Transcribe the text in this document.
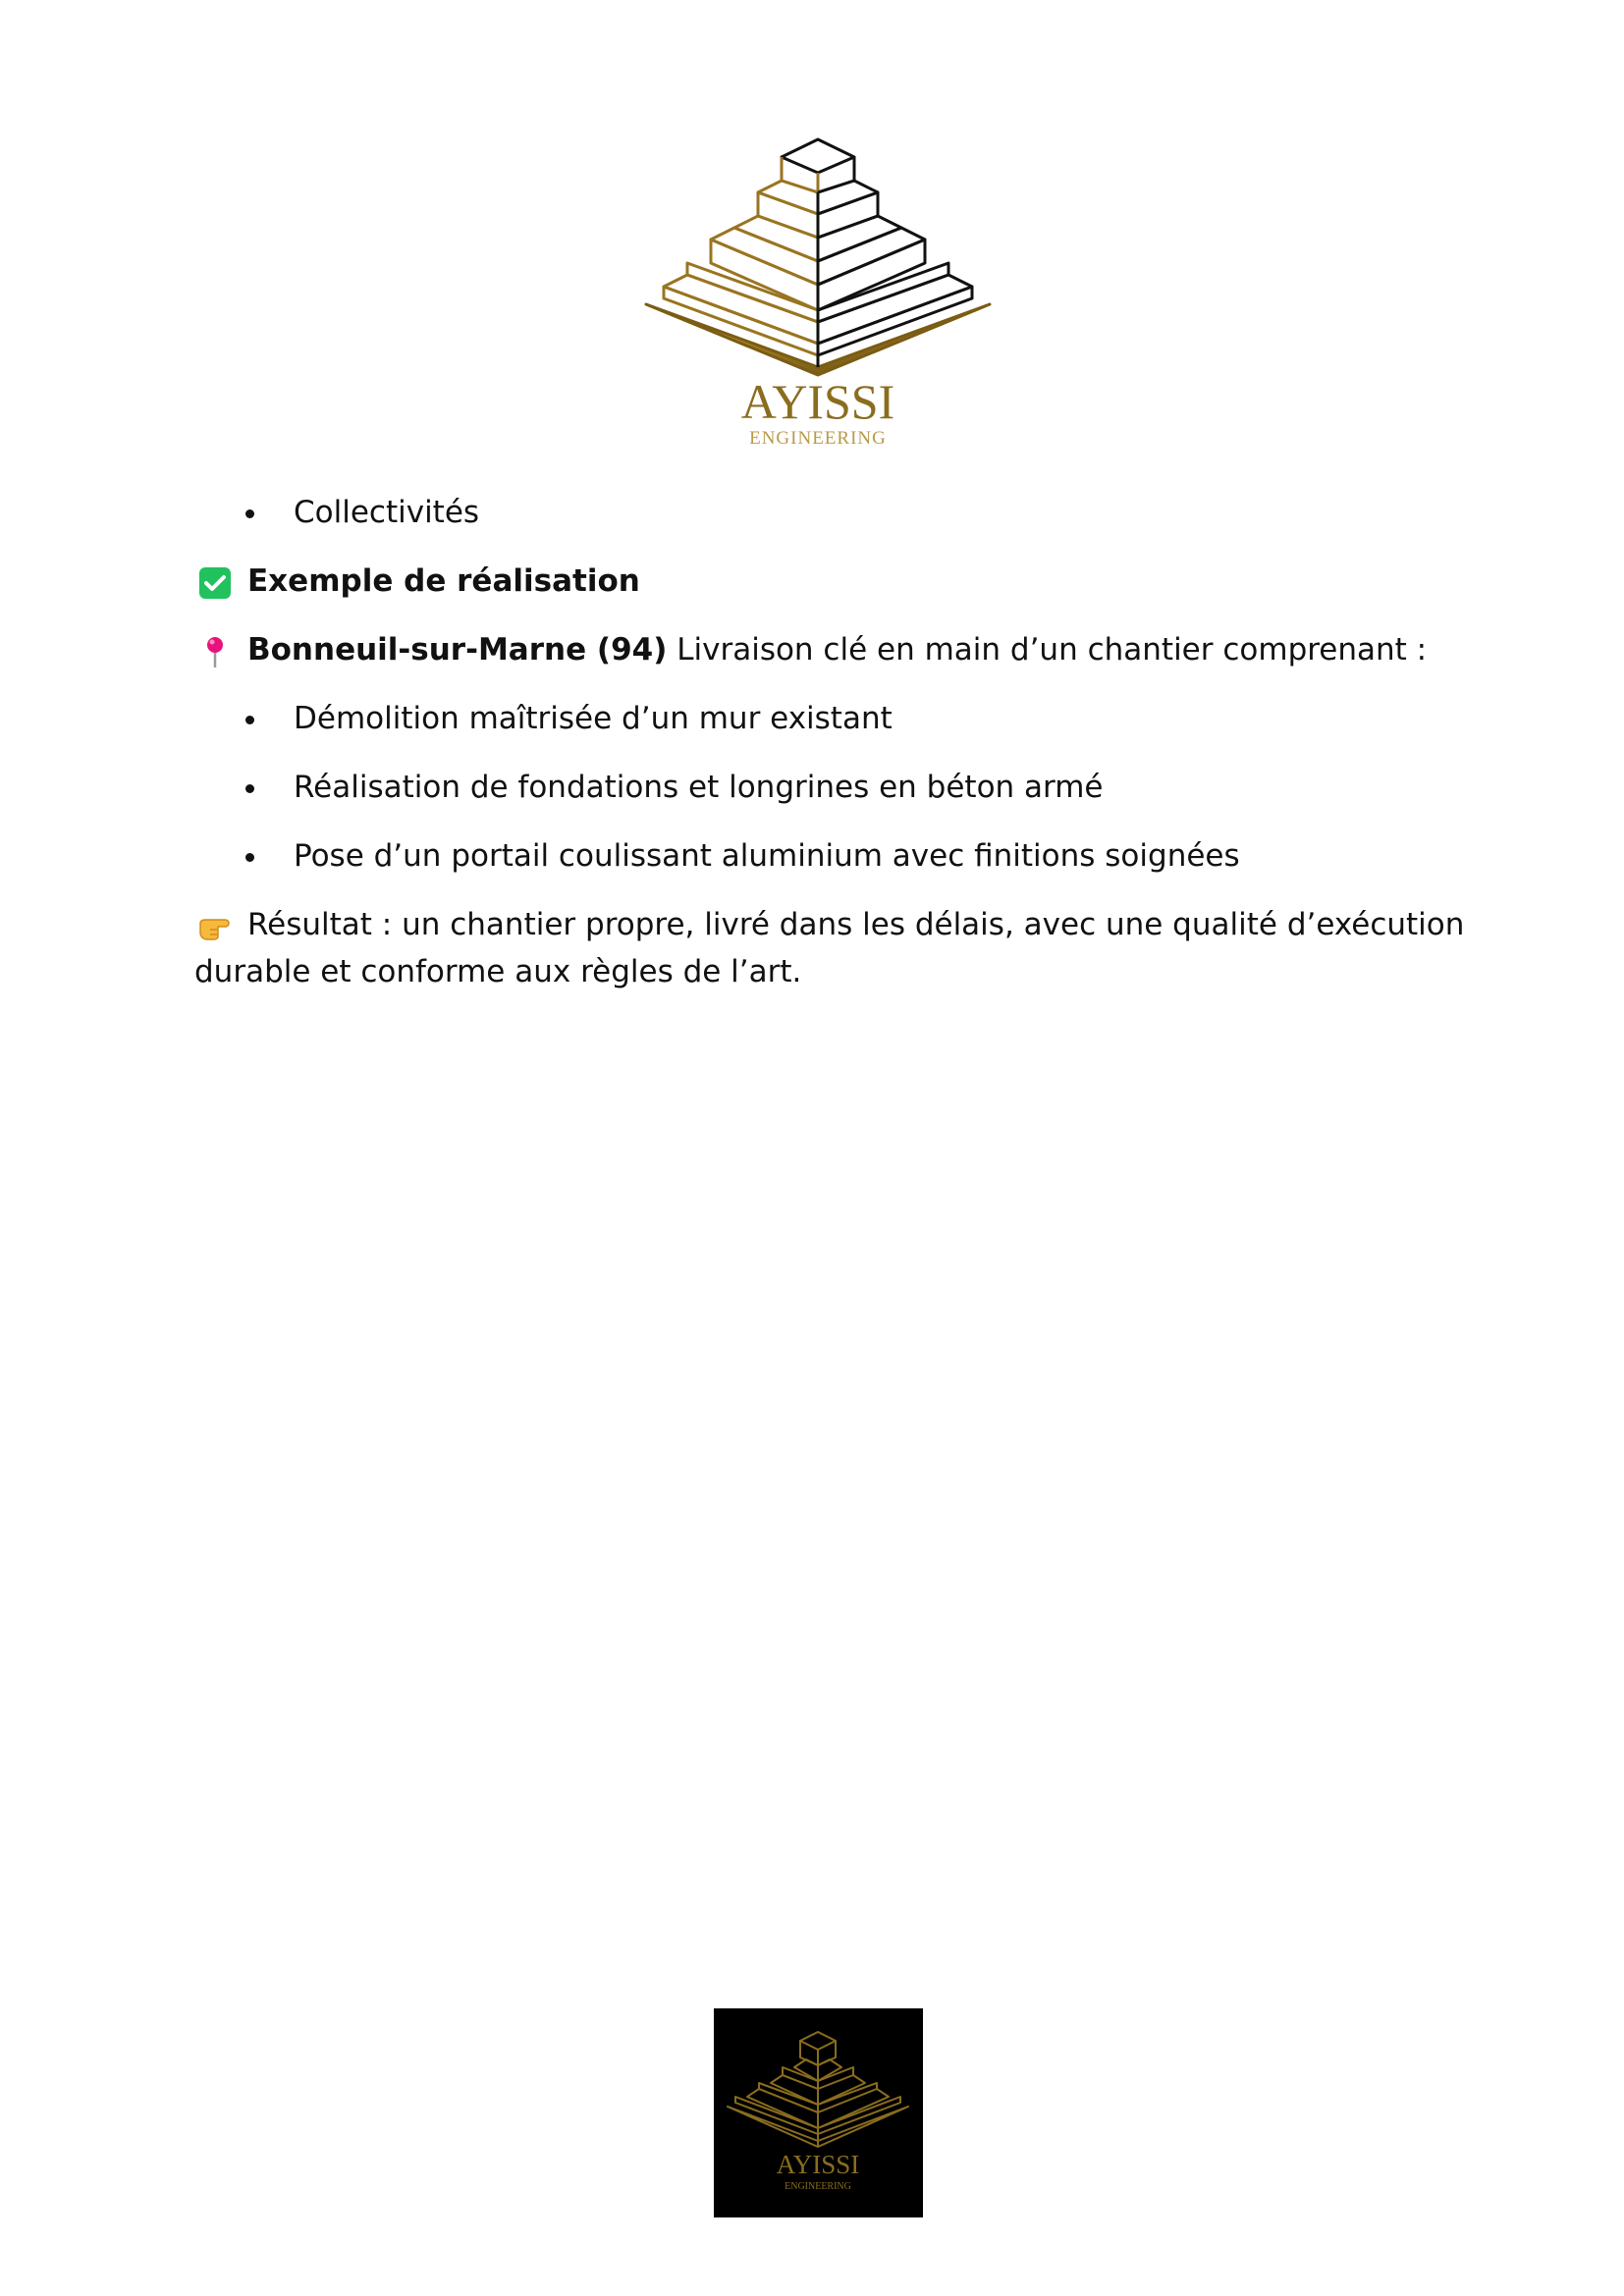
AYISSI
ENGINEERING
Collectivités
Exemple de réalisation
Bonneuil-sur-Marne (94) Livraison clé en main d’un chantier comprenant :
Démolition maîtrisée d’un mur existant
Réalisation de fondations et longrines en béton armé
Pose d’un portail coulissant aluminium avec finitions soignées
Résultat : un chantier propre, livré dans les délais, avec une qualité d’exécution
durable et conforme aux règles de l’art.
AYISSI
ENGINEERING
